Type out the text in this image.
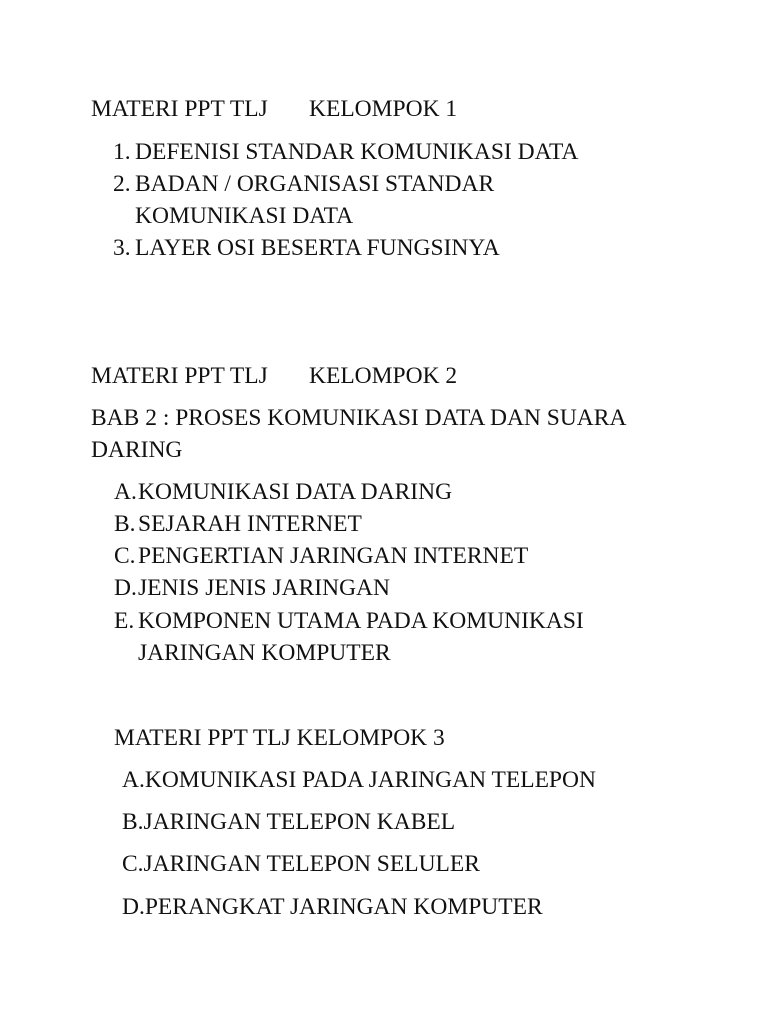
MATERI PPT TLJ KELOMPOK 1
1. DEFENISI STANDAR KOMUNIKASI DATA
2. BADAN / ORGANISASI STANDAR
KOMUNIKASI DATA
3. LAYER OSI BESERTA FUNGSINYA
MATERI PPT TLJ KELOMPOK 2
BAB 2 : PROSES KOMUNIKASI DATA DAN SUARA
DARING
A. KOMUNIKASI DATA DARING
B. SEJARAH INTERNET
C. PENGERTIAN JARINGAN INTERNET
D. JENIS JENIS JARINGAN
E. KOMPONEN UTAMA PADA KOMUNIKASI
JARINGAN KOMPUTER
MATERI PPT TLJ KELOMPOK 3
A.KOMUNIKASI PADA JARINGAN TELEPON
B.JARINGAN TELEPON KABEL
C.JARINGAN TELEPON SELULER
D.PERANGKAT JARINGAN KOMPUTER
